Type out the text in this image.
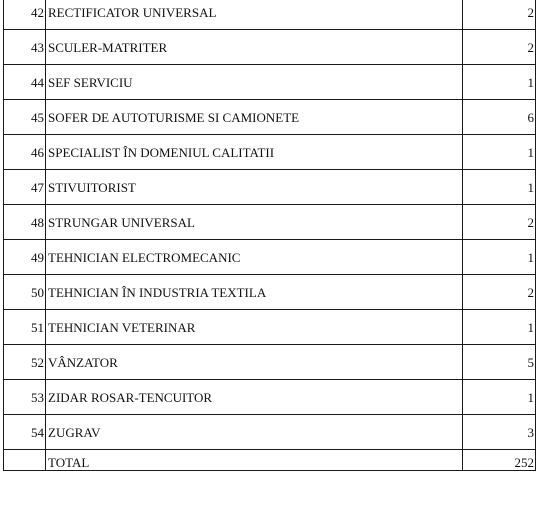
42	RECTIFICATOR UNIVERSAL	2
43	SCULER-MATRITER	2
44	SEF SERVICIU	1
45	SOFER DE AUTOTURISME SI CAMIONETE	6
46	SPECIALIST ÎN DOMENIUL CALITATII	1
47	STIVUITORIST	1
48	STRUNGAR UNIVERSAL	2
49	TEHNICIAN ELECTROMECANIC	1
50	TEHNICIAN ÎN INDUSTRIA TEXTILA	2
51	TEHNICIAN VETERINAR	1
52	VÂNZATOR	5
53	ZIDAR ROSAR-TENCUITOR	1
54	ZUGRAV	3
	TOTAL	252
